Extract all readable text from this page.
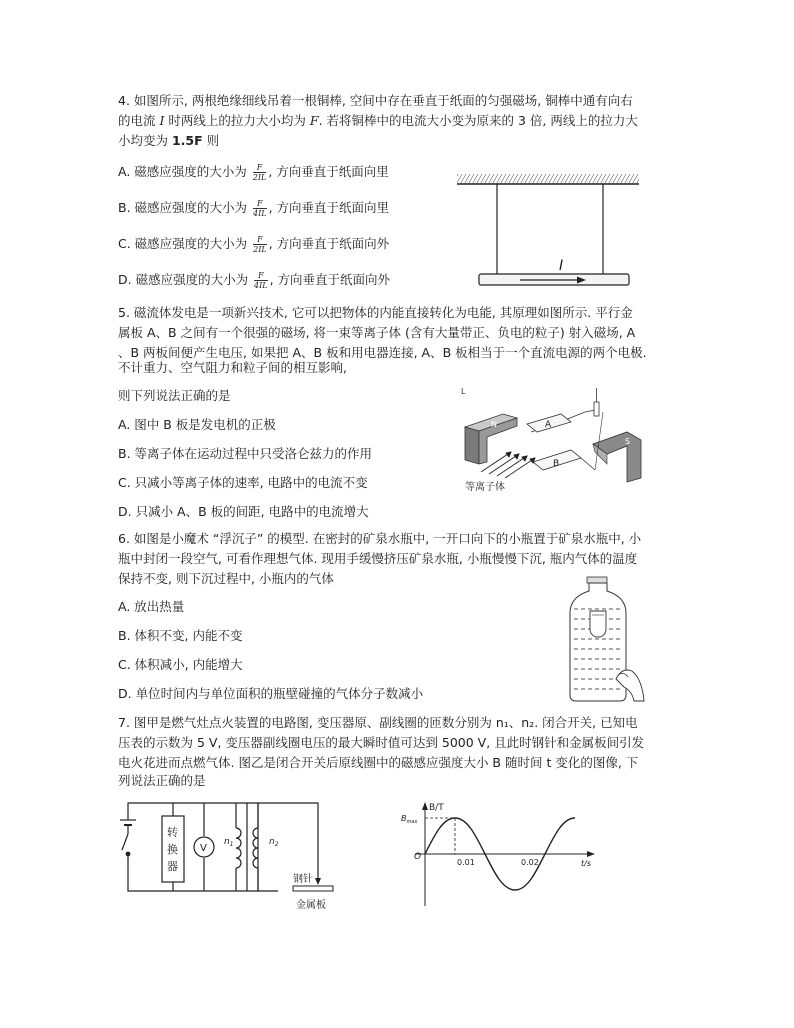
4. 如图所示, 两根绝缘细线吊着一根铜棒, 空间中存在垂直于纸面的匀强磁场, 铜棒中通有向右
的电流 I 时两线上的拉力大小均为 F. 若将铜棒中的电流大小变为原来的 3 倍, 两线上的拉力大
小均变为 1.5F 则
A. 磁感应强度的大小为 $\frac{F}{2IL}$ , 方向垂直于纸面向里
B. 磁感应强度的大小为 $\frac{F}{4IL}$ , 方向垂直于纸面向里
C. 磁感应强度的大小为 $\frac{F}{2IL}$ , 方向垂直于纸面向外
D. 磁感应强度的大小为 $\frac{F}{4IL}$ , 方向垂直于纸面向外
I
5. 磁流体发电是一项新兴技术, 它可以把物体的内能直接转化为电能, 其原理如图所示. 平行金
属板 A、B 之间有一个很强的磁场, 将一束等离子体 (含有大量带正、负电的粒子) 射入磁场, A
、B 两板间便产生电压, 如果把 A、B 板和用电器连接, A、B 板相当于一个直流电源的两个电极.
不计重力、空气阻力和粒子间的相互影响,
则下列说法正确的是
A. 图中 B 板是发电机的正极
B. 等离子体在运动过程中只受洛仑兹力的作用
C. 只减小等离子体的速率, 电路中的电流不变
D. 只减小 A、B 板的间距, 电路中的电流增大
L
N	A
S
B
等离子体
6. 如图是小魔术 “浮沉子” 的模型. 在密封的矿泉水瓶中, 一开口向下的小瓶置于矿泉水瓶中, 小
瓶中封闭一段空气, 可看作理想气体. 现用手缓慢挤压矿泉水瓶, 小瓶慢慢下沉, 瓶内气体的温度
保持不变, 则下沉过程中, 小瓶内的气体
A. 放出热量
B. 体积不变, 内能不变
C. 体积减小, 内能增大
D. 单位时间内与单位面积的瓶壁碰撞的气体分子数减小
7. 图甲是燃气灶点火装置的电路图, 变压器原、副线圈的匝数分别为 n₁、n₂. 闭合开关, 已知电
压表的示数为 5 V, 变压器副线圈电压的最大瞬时值可达到 5000 V, 且此时钢针和金属板间引发
电火花进而点燃气体. 图乙是闭合开关后原线圈中的磁感应强度大小 B 随时间 t 变化的图像, 下
列说法正确的是
转
换
器
V
$n_1$	$n_2$
钢针
金属板
B/T
$B_{max}$
O
0.01	0.02	t/s
